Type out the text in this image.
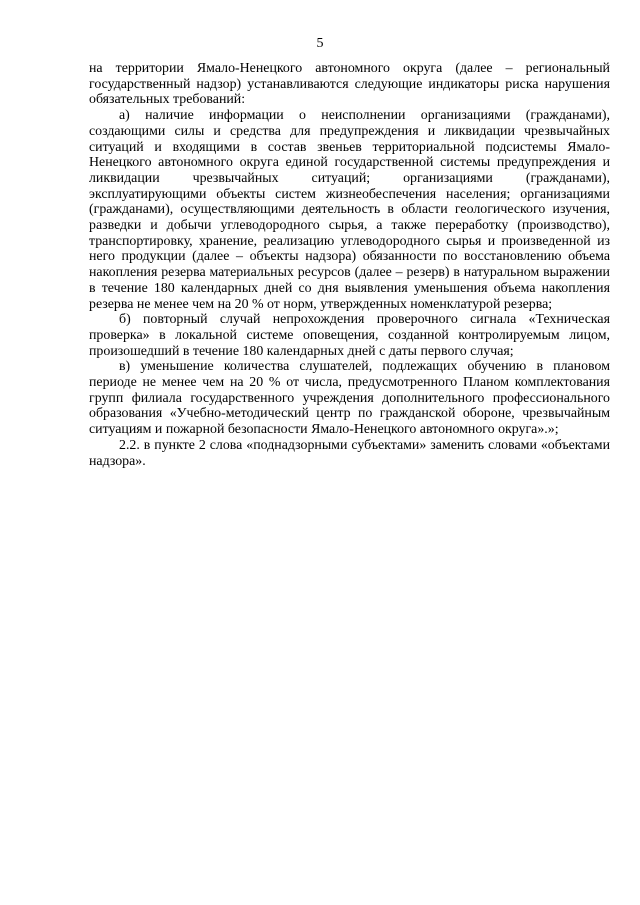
5

на территории Ямало-Ненецкого автономного округа (далее – региональный государственный надзор) устанавливаются следующие индикаторы риска нарушения обязательных требований:

а) наличие информации о неисполнении организациями (гражданами), создающими силы и средства для предупреждения и ликвидации чрезвычайных ситуаций и входящими в состав звеньев территориальной подсистемы Ямало-Ненецкого автономного округа единой государственной системы предупреждения и ликвидации чрезвычайных ситуаций; организациями (гражданами), эксплуатирующими объекты систем жизнеобеспечения населения; организациями (гражданами), осуществляющими деятельность в области геологического изучения, разведки и добычи углеводородного сырья, а также переработку (производство), транспортировку, хранение, реализацию углеводородного сырья и произведенной из него продукции (далее – объекты надзора) обязанности по восстановлению объема накопления резерва материальных ресурсов (далее – резерв) в натуральном выражении в течение 180 календарных дней со дня выявления уменьшения объема накопления резерва не менее чем на 20 % от норм, утвержденных номенклатурой резерва;

б) повторный случай непрохождения проверочного сигнала «Техническая проверка» в локальной системе оповещения, созданной контролируемым лицом, произошедший в течение 180 календарных дней с даты первого случая;

в) уменьшение количества слушателей, подлежащих обучению в плановом периоде не менее чем на 20 % от числа, предусмотренного Планом комплектования групп филиала государственного учреждения дополнительного профессионального образования «Учебно-методический центр по гражданской обороне, чрезвычайным ситуациям и пожарной безопасности Ямало-Ненецкого автономного округа».»;

2.2. в пункте 2 слова «поднадзорными субъектами» заменить словами «объектами надзора».
